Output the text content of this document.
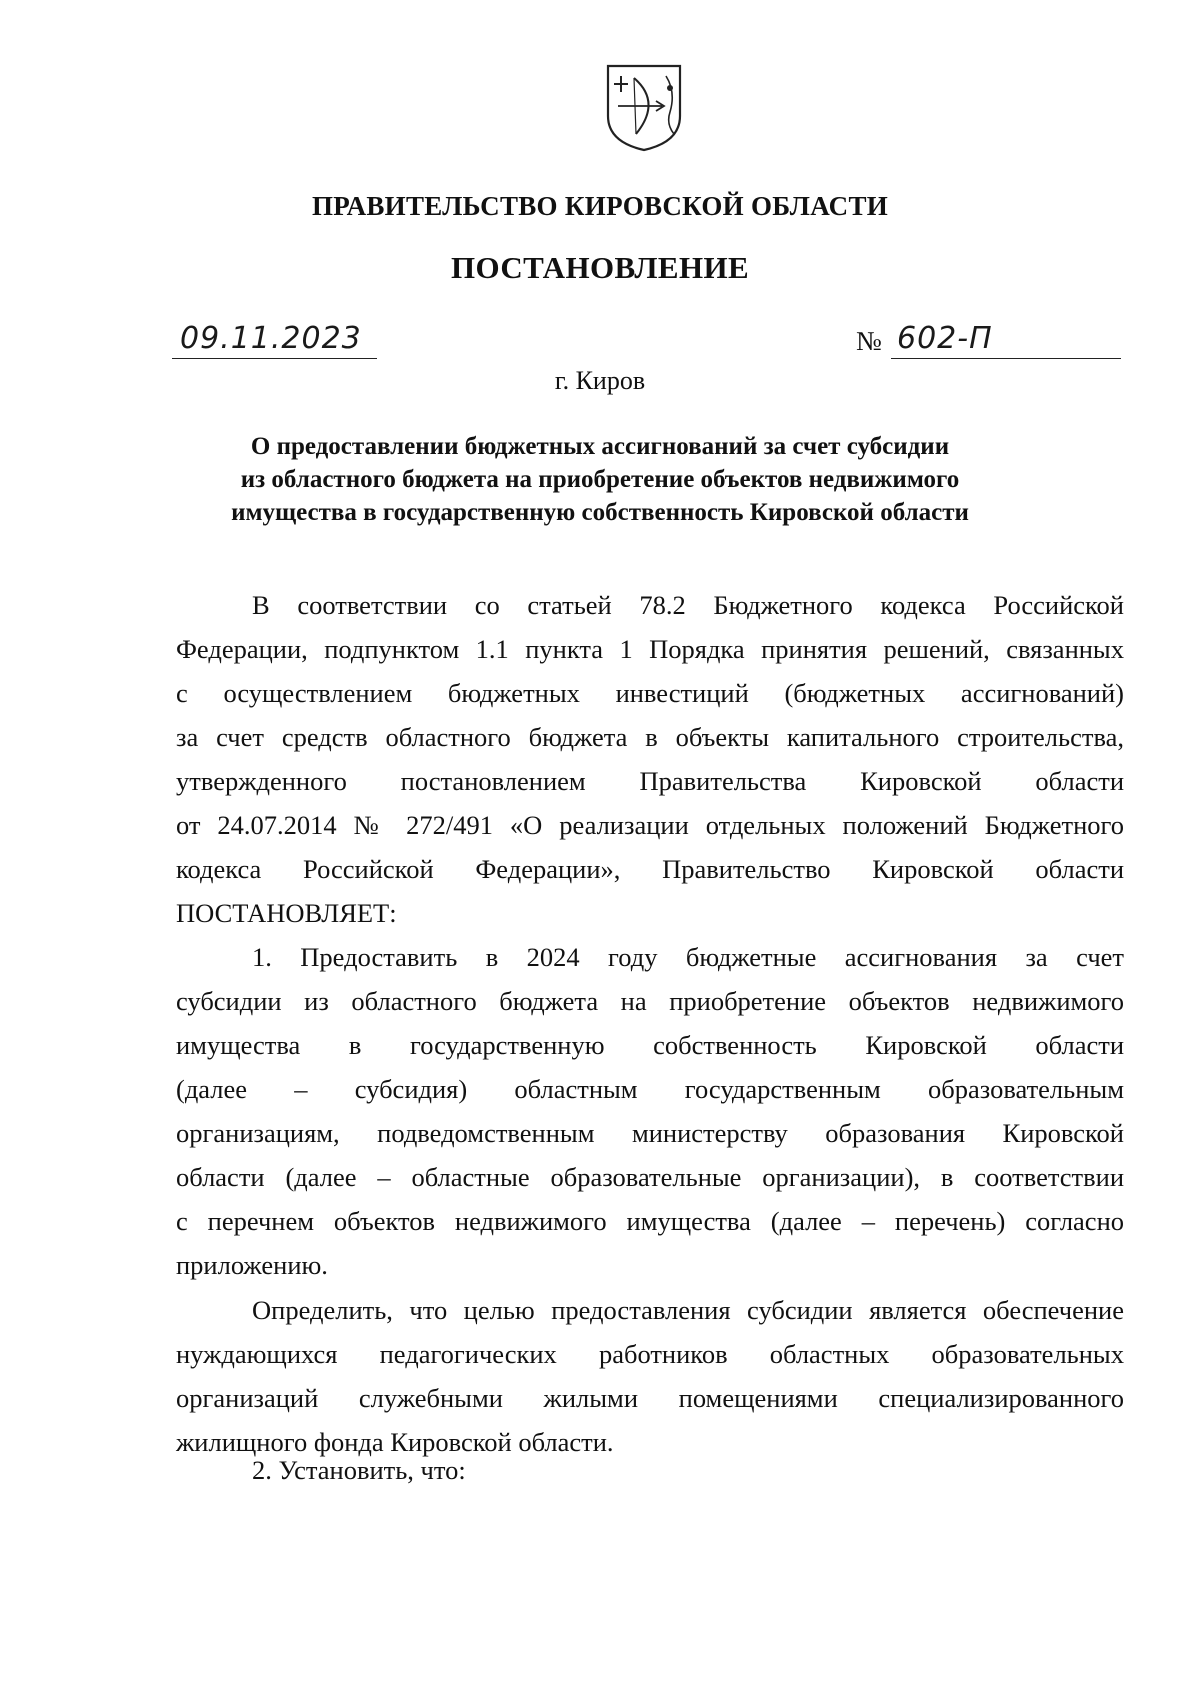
ПРАВИТЕЛЬСТВО КИРОВСКОЙ ОБЛАСТИ
ПОСТАНОВЛЕНИЕ
09.11.2023	№ 602-П
г. Киров
О предоставлении бюджетных ассигнований за счет субсидии
из областного бюджета на приобретение объектов недвижимого
имущества в государственную собственность Кировской области
В соответствии со статьей 78.2 Бюджетного кодекса Российской
Федерации, подпунктом 1.1 пункта 1 Порядка принятия решений, связанных
с осуществлением бюджетных инвестиций (бюджетных ассигнований)
за счет средств областного бюджета в объекты капитального строительства,
утвержденного постановлением Правительства Кировской области
от 24.07.2014 № 272/491 «О реализации отдельных положений Бюджетного
кодекса Российской Федерации», Правительство Кировской области
ПОСТАНОВЛЯЕТ:
1. Предоставить в 2024 году бюджетные ассигнования за счет
субсидии из областного бюджета на приобретение объектов недвижимого
имущества в государственную собственность Кировской области
(далее – субсидия) областным государственным образовательным
организациям, подведомственным министерству образования Кировской
области (далее – областные образовательные организации), в соответствии
с перечнем объектов недвижимого имущества (далее – перечень) согласно
приложению.
Определить, что целью предоставления субсидии является обеспечение
нуждающихся педагогических работников областных образовательных
организаций служебными жилыми помещениями специализированного
жилищного фонда Кировской области.
2. Установить, что:
